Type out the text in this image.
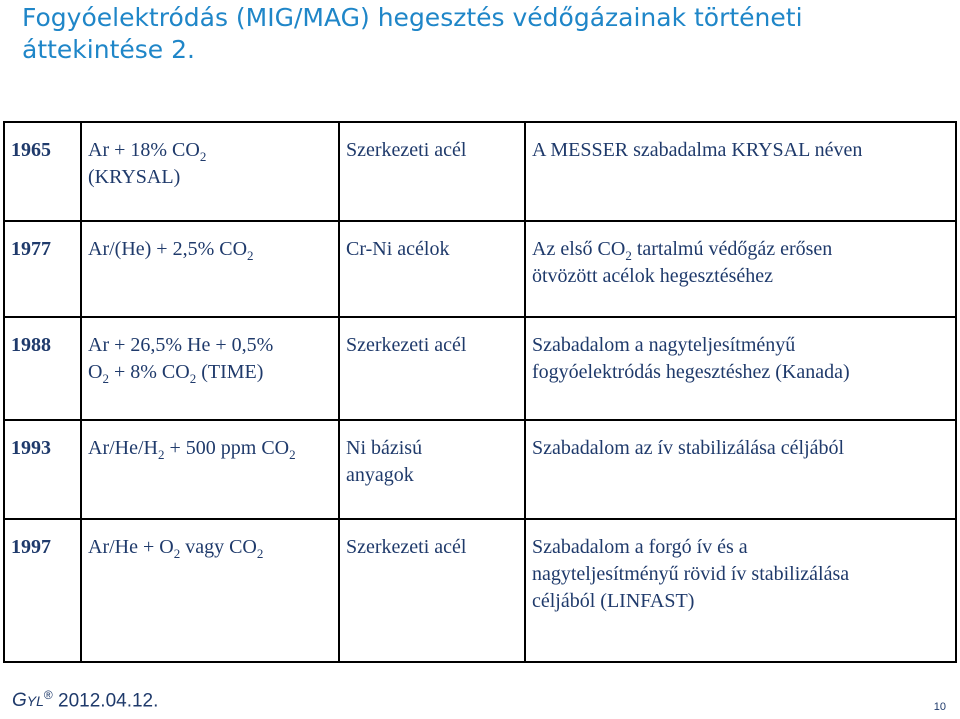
Fogyóelektródás (MIG/MAG) hegesztés védőgázainak történeti
áttekintése 2.
1965	Ar + 18% $CO_2$
(KRYSAL)	Szerkezeti acél	A MESSER szabadalma KRYSAL néven
1977	Ar/(He) + 2,5% $CO_2$	Cr-Ni acélok	Az első $CO_2$ tartalmú védőgáz erősen
ötvözött acélok hegesztéséhez
1988	Ar + 26,5% He + 0,5%
$O_2 + 8\%$ $CO_2$ (TIME)	Szerkezeti acél	Szabadalom a nagyteljesítményű
fogyóelektródás hegesztéshez (Kanada)
1993	$Ar/He/H_2 + 500$ ppm $CO_2$	Ni bázisú
anyagok	Szabadalom az ív stabilizálása céljából
1997	$Ar/He + O_2$ vagy $CO_2$	Szerkezeti acél	Szabadalom a forgó ív és a
nagyteljesítményű rövid ív stabilizálása
céljából (LINFAST)
GYL® 2012.04.12.	10
